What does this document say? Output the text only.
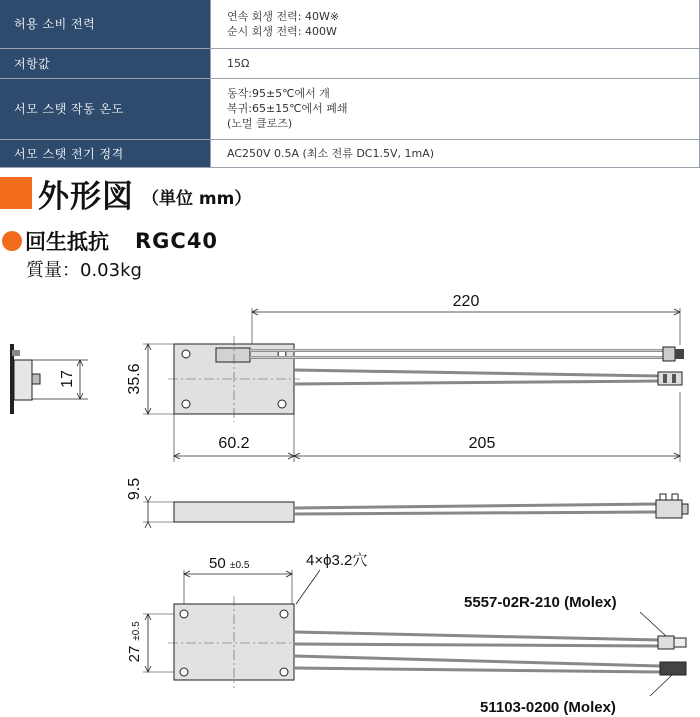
허용 소비 전력	연속 회생 전력: 40W※
순시 회생 전력: 400W

저항값	15Ω

서모 스탯 작동 온도	동작:95±5℃에서 개
복귀:65±15℃에서 폐쇄
(노멀 클로즈)

서모 스탯 전기 정격	AC250V 0.5A (최소 전류 DC1.5V, 1mA)
外形図 （単位 mm）
回生抵抗 RGC40
質量：0.03kg
17
220
35.6
60.2	205
9.5
50 ±0.5	4×ϕ3.2穴
27
±0.5
5557-02R-210 (Molex)
51103-0200 (Molex)
